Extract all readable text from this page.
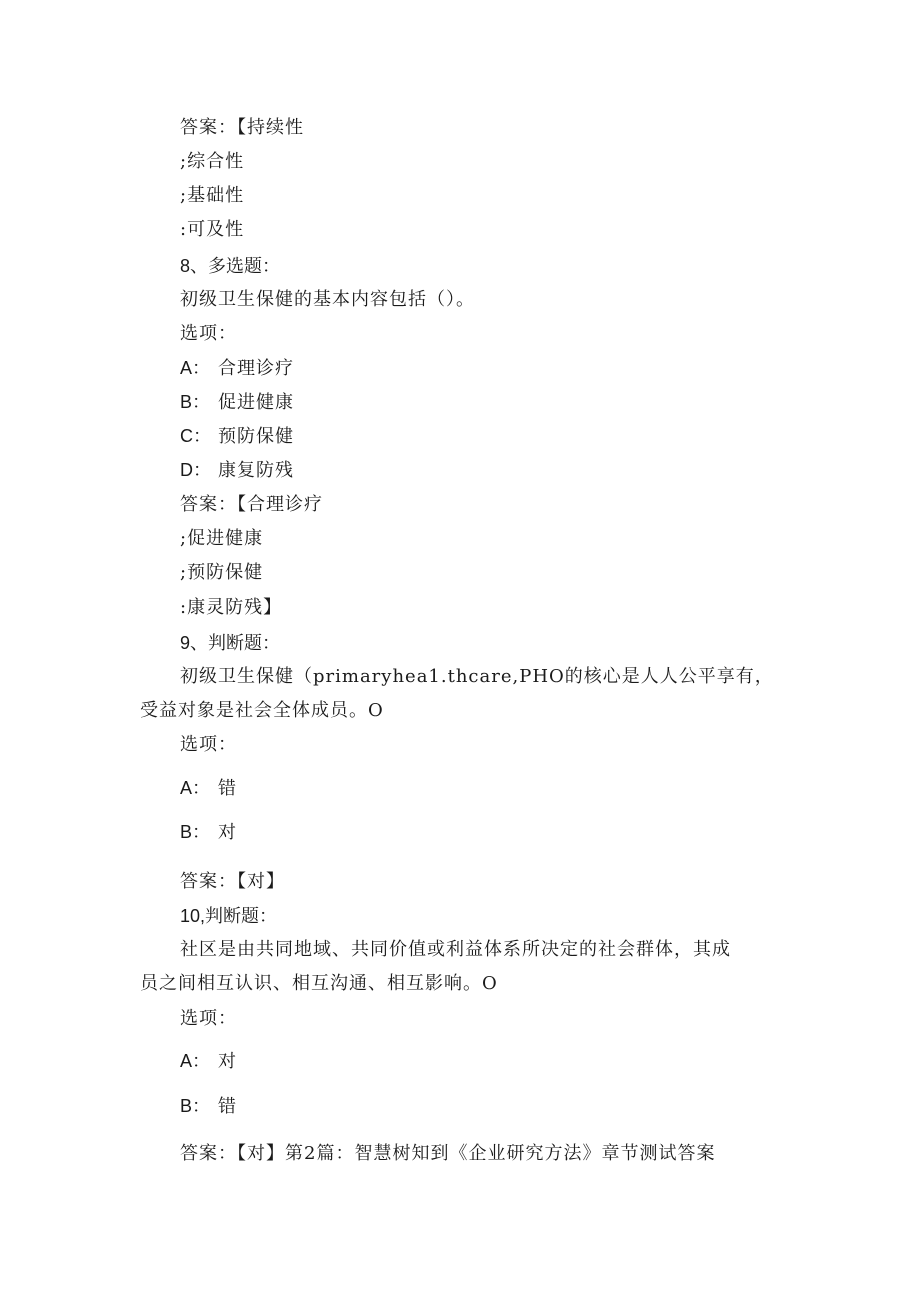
答案：【持续性
;综合性
;基础性
:可及性
8、多选题：
初级卫生保健的基本内容包括（）。
选项：
A： 合理诊疗
B： 促进健康
C： 预防保健
D： 康复防残
答案：【合理诊疗
;促进健康
;预防保健
:康灵防残】
9、判断题：
初级卫生保健（primaryhea1.thcare,PHO的核心是人人公平享有，
受益对象是社会全体成员。O
选项：
A： 错
B： 对
答案：【对】
10,判断题：
社区是由共同地域、共同价值或利益体系所决定的社会群体，其成
员之间相互认识、相互沟通、相互影响。O
选项：
A： 对
B： 错
答案：【对】第2篇：智慧树知到《企业研究方法》章节测试答案
